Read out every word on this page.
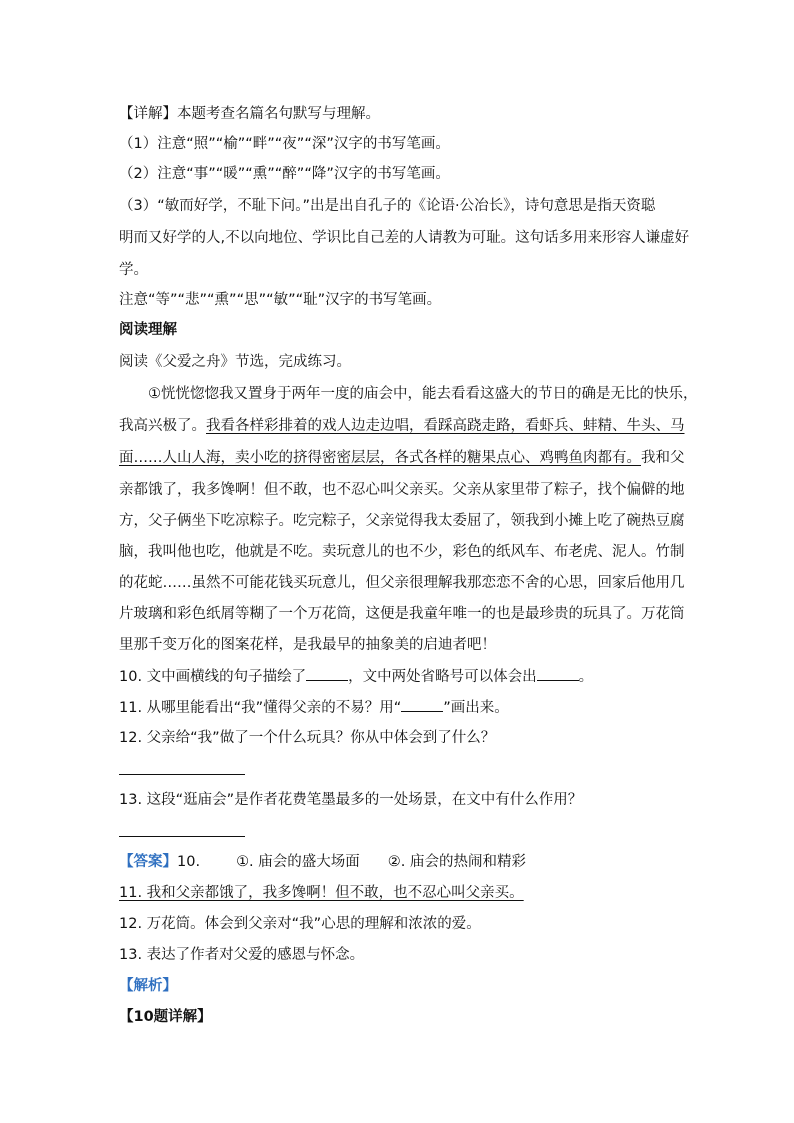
【详解】本题考查名篇名句默写与理解。
（1）注意“照”“榆”“畔”“夜”“深”汉字的书写笔画。
（2）注意“事”“暖”“熏”“醉”“降”汉字的书写笔画。
（3）“敏而好学，不耻下问。”出是出自孔子的《论语·公冶长》，诗句意思是指天资聪
明而又好学的人,不以向地位、学识比自己差的人请教为可耻。这句话多用来形容人谦虚好
学。
注意“等”“悲”“熏”“思”“敏”“耻”汉字的书写笔画。
阅读理解
阅读《父爱之舟》节选，完成练习。
①恍恍惚惚我又置身于两年一度的庙会中，能去看看这盛大的节日的确是无比的快乐，
我高兴极了。我看各样彩排着的戏人边走边唱，看踩高跷走路，看虾兵、蚌精、牛头、马
面……人山人海，卖小吃的挤得密密层层，各式各样的糖果点心、鸡鸭鱼肉都有。我和父
亲都饿了，我多馋啊！但不敢，也不忍心叫父亲买。父亲从家里带了粽子，找个偏僻的地
方，父子俩坐下吃凉粽子。吃完粽子，父亲觉得我太委屈了，领我到小摊上吃了碗热豆腐
脑，我叫他也吃，他就是不吃。卖玩意儿的也不少，彩色的纸风车、布老虎、泥人。竹制
的花蛇……虽然不可能花钱买玩意儿，但父亲很理解我那恋恋不舍的心思，回家后他用几
片玻璃和彩色纸屑等糊了一个万花筒，这便是我童年唯一的也是最珍贵的玩具了。万花筒
里那千变万化的图案花样，是我最早的抽象美的启迪者吧！
10. 文中画横线的句子描绘了	，文中两处省略号可以体会出	。
11. 从哪里能看出“我”懂得父亲的不易？用“	”画出来。
12. 父亲给“我”做了一个什么玩具？你从中体会到了什么？
13. 这段“逛庙会”是作者花费笔墨最多的一处场景，在文中有什么作用？
【答案】10. ①. 庙会的盛大场面 ②. 庙会的热闹和精彩
11. 我和父亲都饿了，我多馋啊！但不敢，也不忍心叫父亲买。
12. 万花筒。体会到父亲对“我”心思的理解和浓浓的爱。
13. 表达了作者对父爱的感恩与怀念。
【解析】
【10题详解】
